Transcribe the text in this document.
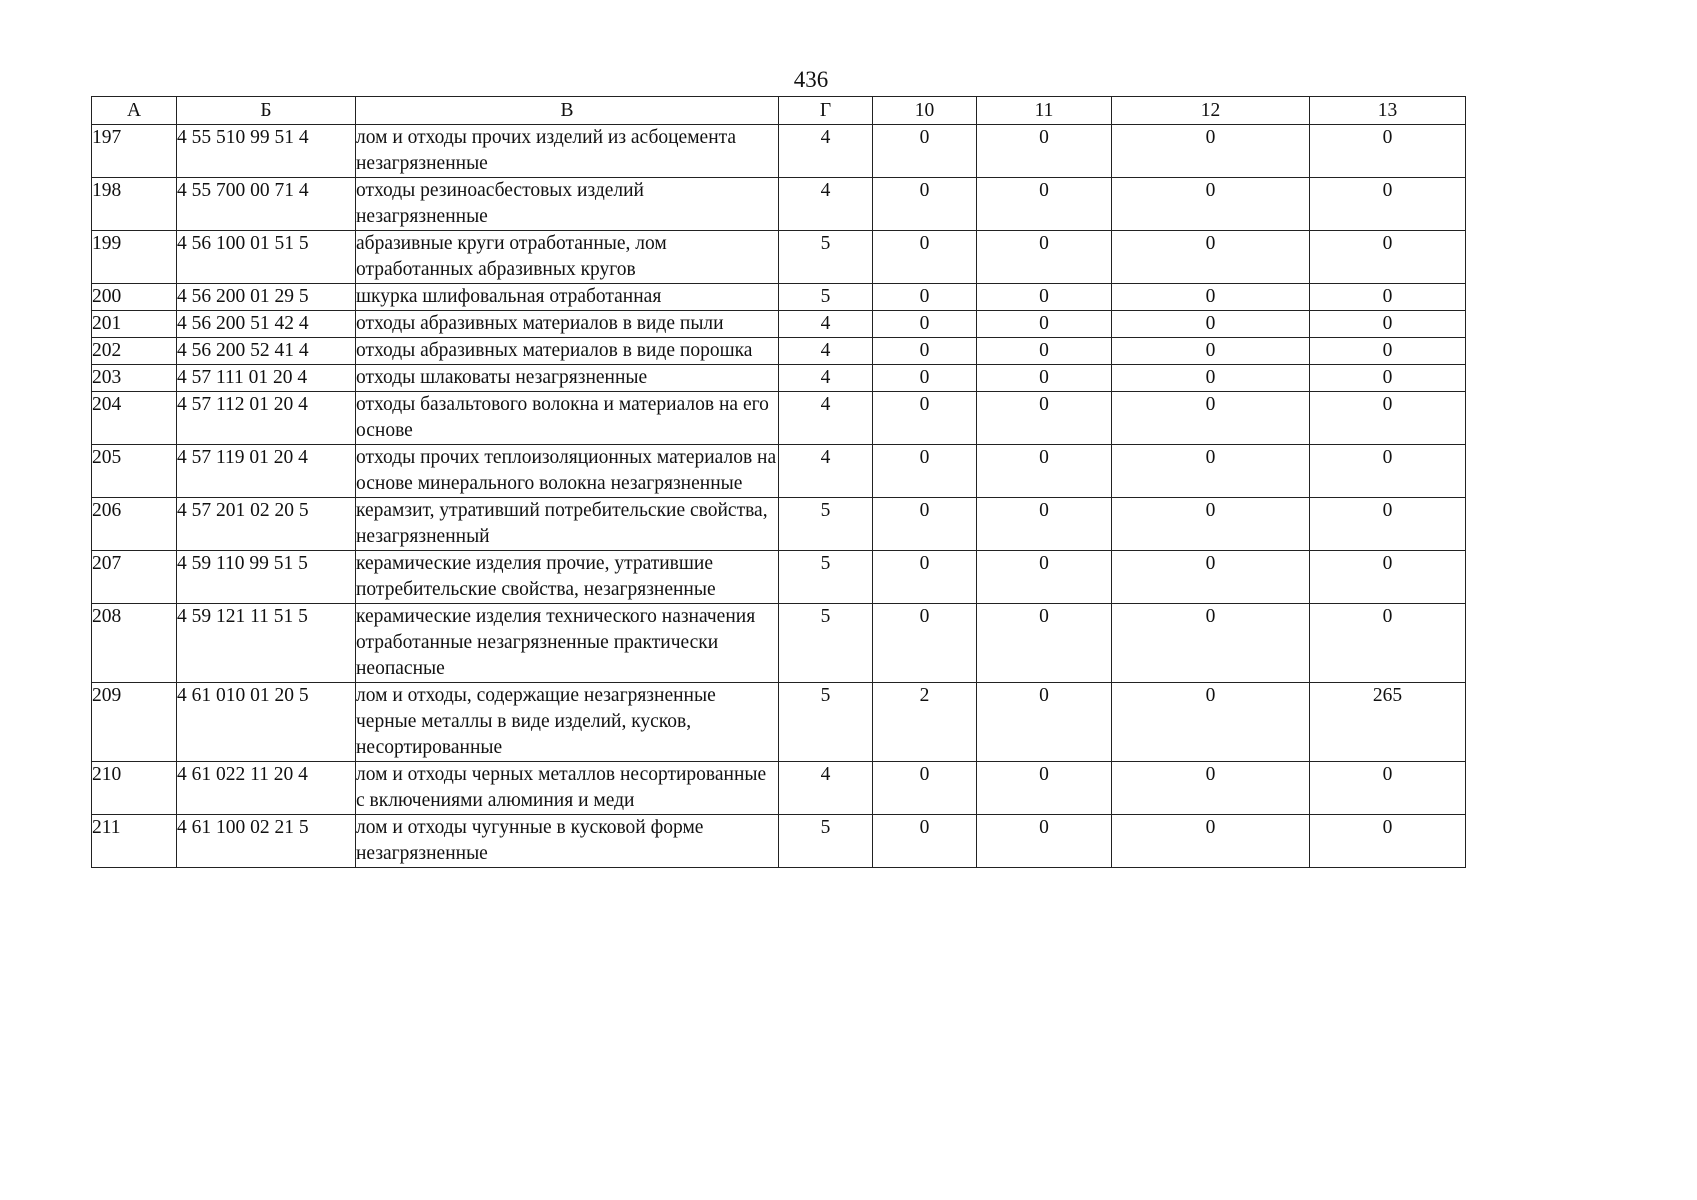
436
А	Б	В	Г	10	11	12	13
197	4 55 510 99 51 4	лом и отходы прочих изделий из асбоцемента незагрязненные	4	0	0	0	0
198	4 55 700 00 71 4	отходы резиноасбестовых изделий незагрязненные	4	0	0	0	0
199	4 56 100 01 51 5	абразивные круги отработанные, лом отработанных абразивных кругов	5	0	0	0	0
200	4 56 200 01 29 5	шкурка шлифовальная отработанная	5	0	0	0	0
201	4 56 200 51 42 4	отходы абразивных материалов в виде пыли	4	0	0	0	0
202	4 56 200 52 41 4	отходы абразивных материалов в виде порошка	4	0	0	0	0
203	4 57 111 01 20 4	отходы шлаковаты незагрязненные	4	0	0	0	0
204	4 57 112 01 20 4	отходы базальтового волокна и материалов на его основе	4	0	0	0	0
205	4 57 119 01 20 4	отходы прочих теплоизоляционных материалов на основе минерального волокна незагрязненные	4	0	0	0	0
206	4 57 201 02 20 5	керамзит, утративший потребительские свойства, незагрязненный	5	0	0	0	0
207	4 59 110 99 51 5	керамические изделия прочие, утратившие потребительские свойства, незагрязненные	5	0	0	0	0
208	4 59 121 11 51 5	керамические изделия технического назначения отработанные незагрязненные практически неопасные	5	0	0	0	0
209	4 61 010 01 20 5	лом и отходы, содержащие незагрязненные черные металлы в виде изделий, кусков, несортированные	5	2	0	0	265
210	4 61 022 11 20 4	лом и отходы черных металлов несортированные с включениями алюминия и меди	4	0	0	0	0
211	4 61 100 02 21 5	лом и отходы чугунные в кусковой форме незагрязненные	5	0	0	0	0
